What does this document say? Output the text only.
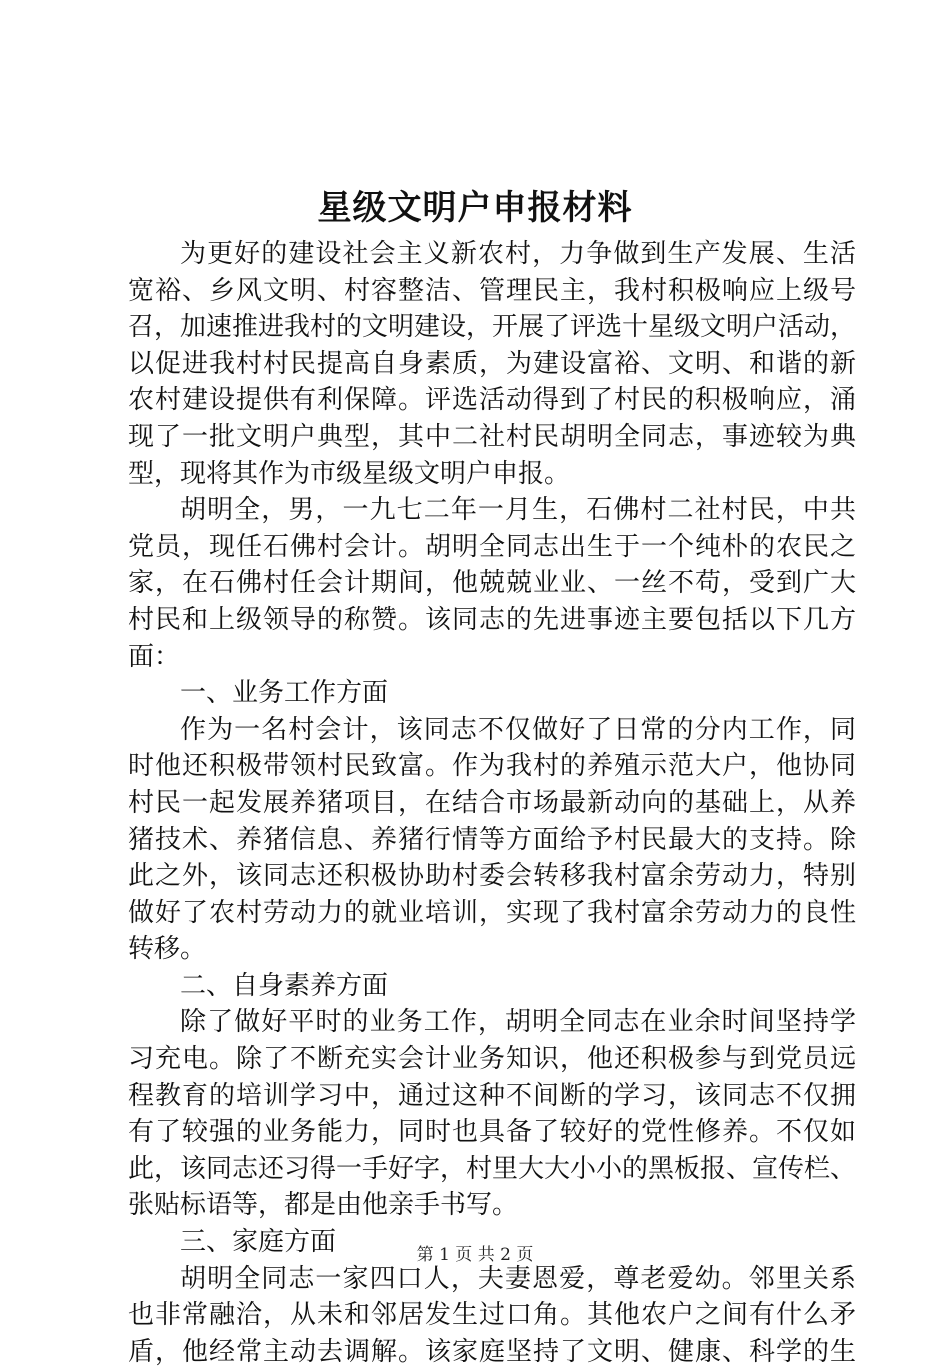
星级文明户申报材料
为更好的建设社会主义新农村，力争做到生产发展、生活
宽裕、乡风文明、村容整洁、管理民主，我村积极响应上级号
召，加速推进我村的文明建设，开展了评选十星级文明户活动，
以促进我村村民提高自身素质，为建设富裕、文明、和谐的新
农村建设提供有利保障。评选活动得到了村民的积极响应，涌
现了一批文明户典型，其中二社村民胡明全同志，事迹较为典
型，现将其作为市级星级文明户申报。
胡明全，男，一九七二年一月生，石佛村二社村民，中共
党员，现任石佛村会计。胡明全同志出生于一个纯朴的农民之
家，在石佛村任会计期间，他兢兢业业、一丝不苟，受到广大
村民和上级领导的称赞。该同志的先进事迹主要包括以下几方
面：
一、业务工作方面
作为一名村会计，该同志不仅做好了日常的分内工作，同
时他还积极带领村民致富。作为我村的养殖示范大户，他协同
村民一起发展养猪项目，在结合市场最新动向的基础上，从养
猪技术、养猪信息、养猪行情等方面给予村民最大的支持。除
此之外，该同志还积极协助村委会转移我村富余劳动力，特别
做好了农村劳动力的就业培训，实现了我村富余劳动力的良性
转移。
二、自身素养方面
除了做好平时的业务工作，胡明全同志在业余时间坚持学
习充电。除了不断充实会计业务知识，他还积极参与到党员远
程教育的培训学习中，通过这种不间断的学习，该同志不仅拥
有了较强的业务能力，同时也具备了较好的党性修养。不仅如
此，该同志还习得一手好字，村里大大小小的黑板报、宣传栏、
张贴标语等，都是由他亲手书写。
三、家庭方面
胡明全同志一家四口人，夫妻恩爱，尊老爱幼。邻里关系
也非常融洽，从未和邻居发生过口角。其他农户之间有什么矛
盾，他经常主动去调解。该家庭坚持了文明、健康、科学的生
第 1 页 共 2 页
